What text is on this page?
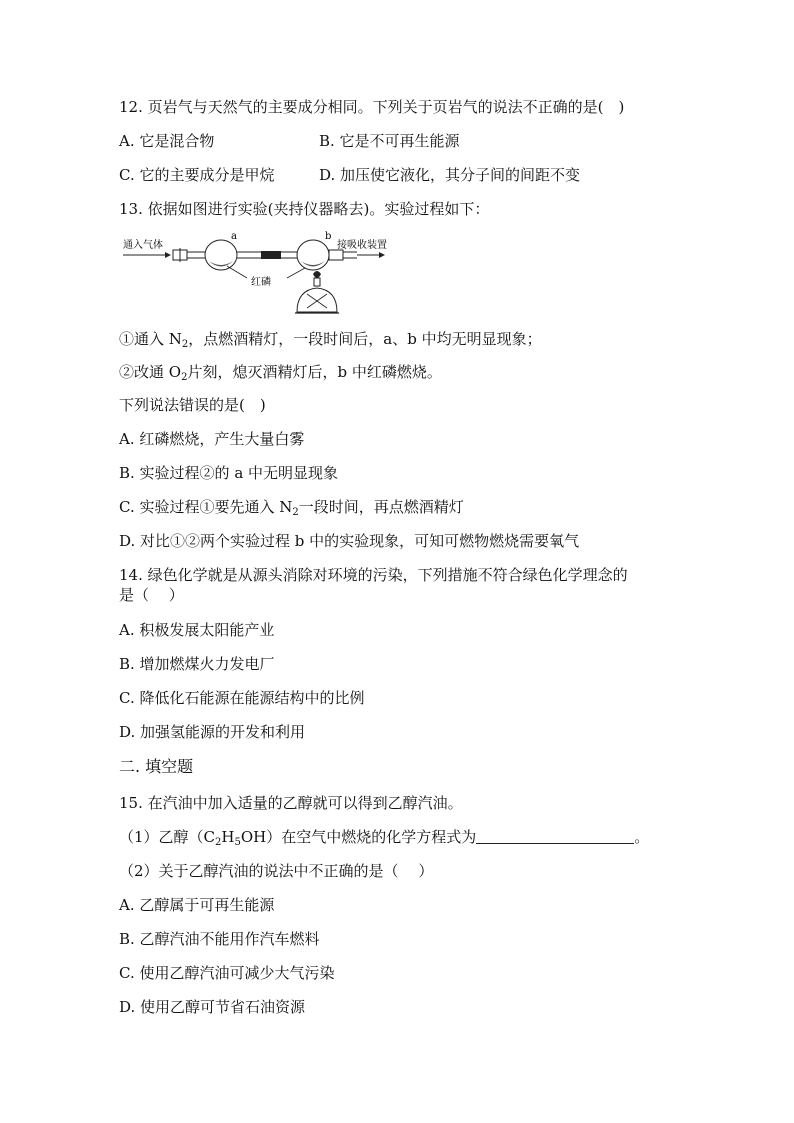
12. 页岩气与天然气的主要成分相同。下列关于页岩气的说法不正确的是(　)
A. 它是混合物	B. 它是不可再生能源
C. 它的主要成分是甲烷	D. 加压使它液化，其分子间的间距不变
13. 依据如图进行实验(夹持仪器略去)。实验过程如下：
通入气体
a	b
接吸收装置
红磷
①通入 $N_2$，点燃酒精灯，一段时间后，a、b 中均无明显现象；
②改通 $O_2$片刻，熄灭酒精灯后，b 中红磷燃烧。
下列说法错误的是(　)
A. 红磷燃烧，产生大量白雾
B. 实验过程②的 a 中无明显现象
C. 实验过程①要先通入 $N_2$一段时间，再点燃酒精灯
D. 对比①②两个实验过程 b 中的实验现象，可知可燃物燃烧需要氧气
14. 绿色化学就是从源头消除对环境的污染，下列措施不符合绿色化学理念的
是（　 ）
A. 积极发展太阳能产业
B. 增加燃煤火力发电厂
C. 降低化石能源在能源结构中的比例
D. 加强氢能源的开发和利用
二. 填空题
15. 在汽油中加入适量的乙醇就可以得到乙醇汽油。
（1）乙醇$(C_2H_5OH)$在空气中燃烧的化学方程式为	。
（2）关于乙醇汽油的说法中不正确的是（　 ）
A. 乙醇属于可再生能源
B. 乙醇汽油不能用作汽车燃料
C. 使用乙醇汽油可减少大气污染
D. 使用乙醇可节省石油资源
